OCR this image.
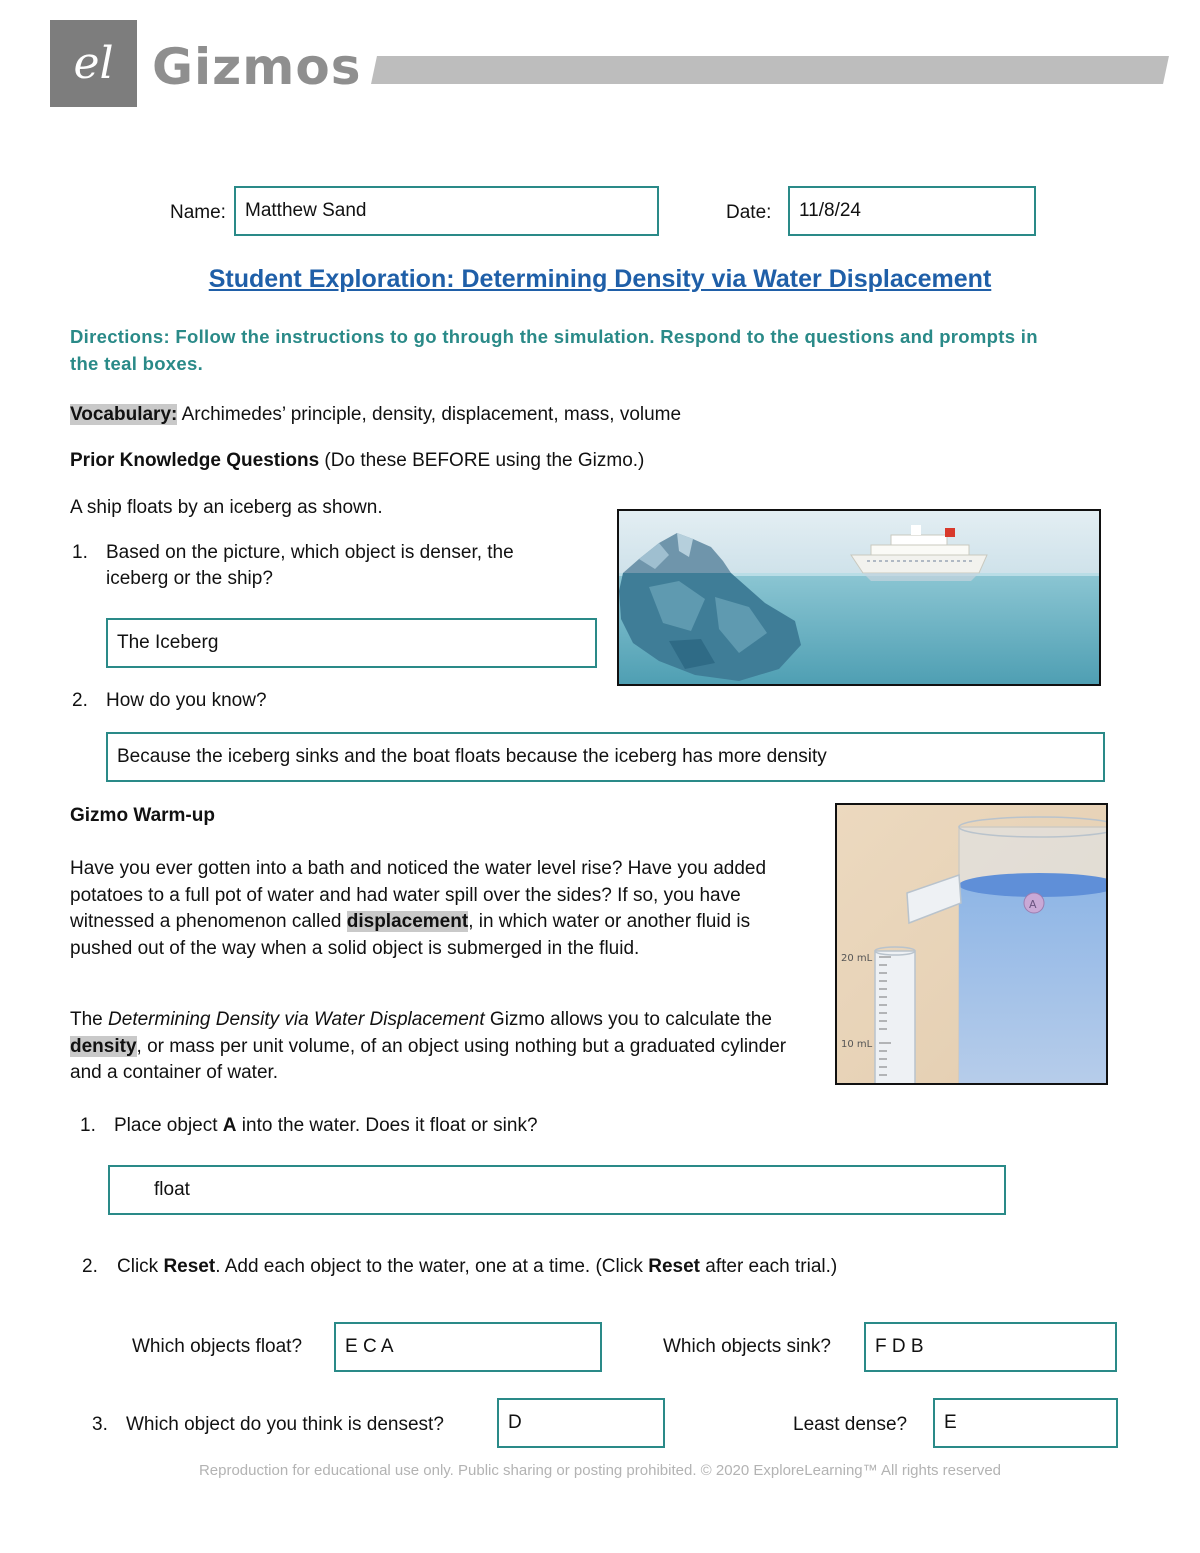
еl Gizmos
Name:	Matthew Sand	Date:	11/8/24
Student Exploration: Determining Density via Water Displacement
Directions: Follow the instructions to go through the simulation. Respond to the questions and prompts in the teal boxes.
Vocabulary: Archimedes’ principle, density, displacement, mass, volume
Prior Knowledge Questions (Do these BEFORE using the Gizmo.)
A ship floats by an iceberg as shown.
1. Based on the picture, which object is denser, the
iceberg or the ship?
The Iceberg
2. How do you know?
Because the iceberg sinks and the boat floats because the iceberg has more density
Gizmo Warm-up
Have you ever gotten into a bath and noticed the water level rise? Have you added potatoes to a full pot of water and had water spill over the sides? If so, you have witnessed a phenomenon called displacement, in which water or another fluid is pushed out of the way when a solid object is submerged in the fluid.
The Determining Density via Water Displacement Gizmo allows you to calculate the density, or mass per unit volume, of an object using nothing but a graduated cylinder and a container of water.
A
20 mL
10 mL
1. Place object A into the water. Does it float or sink?
float
2. Click Reset. Add each object to the water, one at a time. (Click Reset after each trial.)
Which objects float?	E C A	Which objects sink?	F D B
3. Which object do you think is densest?	D	Least dense?	E
Reproduction for educational use only. Public sharing or posting prohibited. © 2020 ExploreLearning™ All rights reserved
